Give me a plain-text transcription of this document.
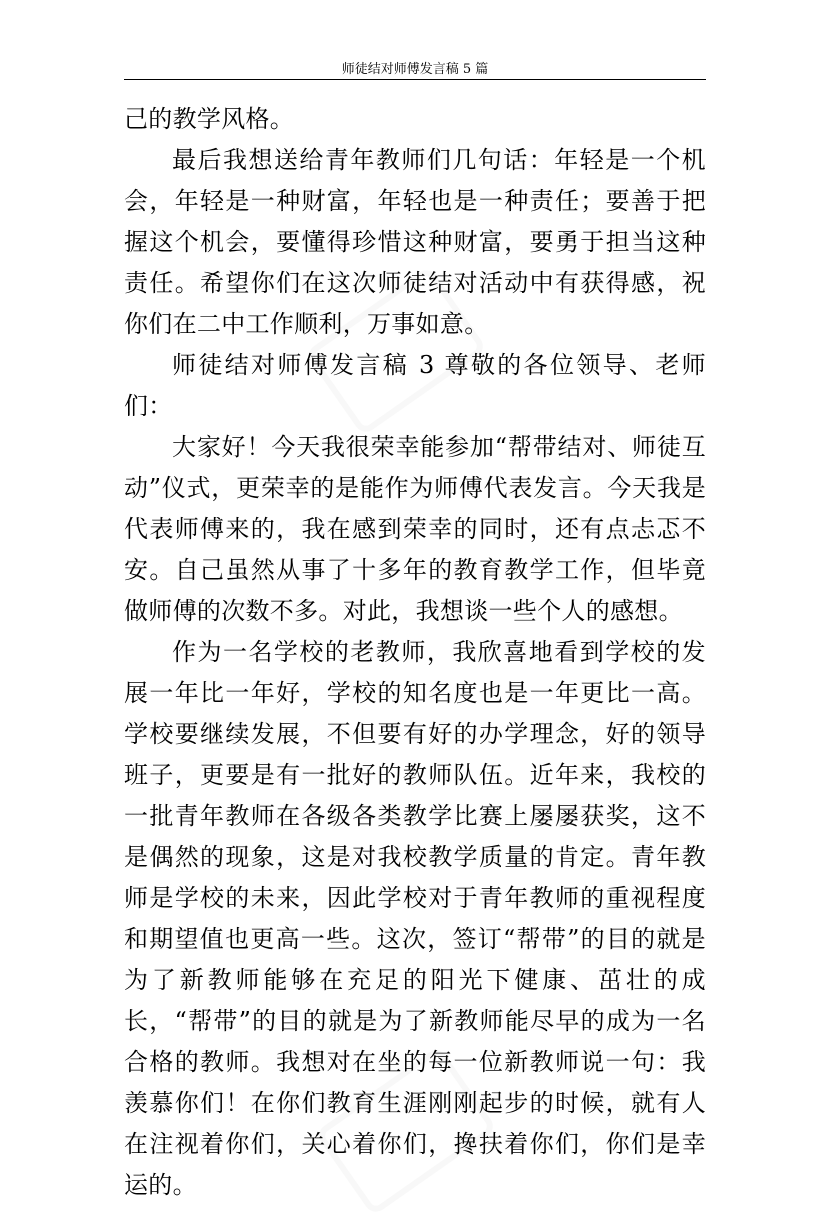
师徒结对师傅发言稿 5 篇

己的教学风格。

最后我想送给青年教师们几句话：年轻是一个机会，年轻是一种财富，年轻也是一种责任；要善于把握这个机会，要懂得珍惜这种财富，要勇于担当这种责任。希望你们在这次师徒结对活动中有获得感，祝你们在二中工作顺利，万事如意。

师徒结对师傅发言稿 3 尊敬的各位领导、老师们：

大家好！今天我很荣幸能参加“帮带结对、师徒互动”仪式，更荣幸的是能作为师傅代表发言。今天我是代表师傅来的，我在感到荣幸的同时，还有点忐忑不安。自己虽然从事了十多年的教育教学工作，但毕竟做师傅的次数不多。对此，我想谈一些个人的感想。

作为一名学校的老教师，我欣喜地看到学校的发展一年比一年好，学校的知名度也是一年更比一高。学校要继续发展，不但要有好的办学理念，好的领导班子，更要是有一批好的教师队伍。近年来，我校的一批青年教师在各级各类教学比赛上屡屡获奖，这不是偶然的现象，这是对我校教学质量的肯定。青年教师是学校的未来，因此学校对于青年教师的重视程度和期望值也更高一些。这次，签订“帮带”的目的就是为了新教师能够在充足的阳光下健康、茁壮的成长，“帮带”的目的就是为了新教师能尽早的成为一名合格的教师。我想对在坐的每一位新教师说一句：我羡慕你们！在你们教育生涯刚刚起步的时候，就有人在注视着你们，关心着你们，搀扶着你们，你们是幸运的。
